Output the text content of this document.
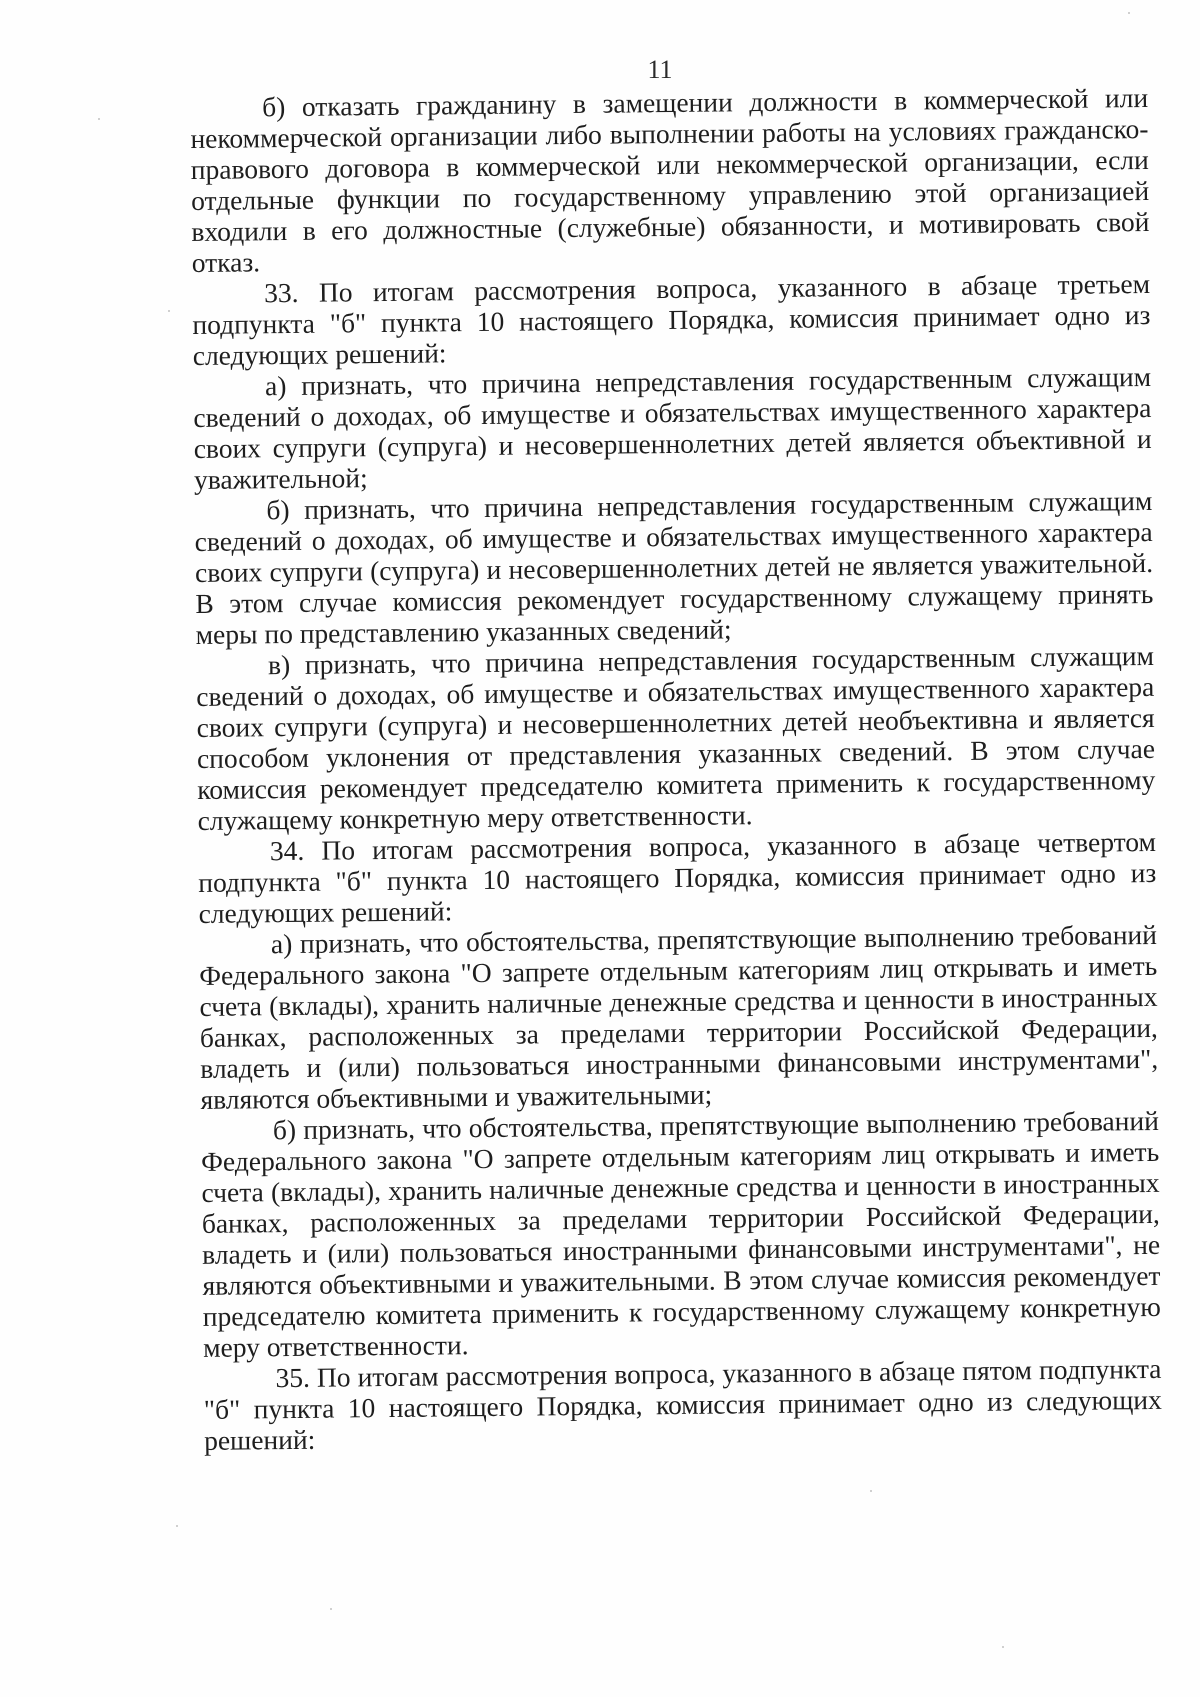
11

б) отказать гражданину в замещении должности в коммерческой или некоммерческой организации либо выполнении работы на условиях гражданско-правового договора в коммерческой или некоммерческой организации, если отдельные функции по государственному управлению этой организацией входили в его должностные (служебные) обязанности, и мотивировать свой отказ.

33. По итогам рассмотрения вопроса, указанного в абзаце третьем подпункта "б" пункта 10 настоящего Порядка, комиссия принимает одно из следующих решений:

а) признать, что причина непредставления государственным служащим сведений о доходах, об имуществе и обязательствах имущественного характера своих супруги (супруга) и несовершеннолетних детей является объективной и уважительной;

б) признать, что причина непредставления государственным служащим сведений о доходах, об имуществе и обязательствах имущественного характера своих супруги (супруга) и несовершеннолетних детей не является уважительной. В этом случае комиссия рекомендует государственному служащему принять меры по представлению указанных сведений;

в) признать, что причина непредставления государственным служащим сведений о доходах, об имуществе и обязательствах имущественного характера своих супруги (супруга) и несовершеннолетних детей необъективна и является способом уклонения от представления указанных сведений. В этом случае комиссия рекомендует председателю комитета применить к государственному служащему конкретную меру ответственности.

34. По итогам рассмотрения вопроса, указанного в абзаце четвертом подпункта "б" пункта 10 настоящего Порядка, комиссия принимает одно из следующих решений:

а) признать, что обстоятельства, препятствующие выполнению требований Федерального закона "О запрете отдельным категориям лиц открывать и иметь счета (вклады), хранить наличные денежные средства и ценности в иностранных банках, расположенных за пределами территории Российской Федерации, владеть и (или) пользоваться иностранными финансовыми инструментами", являются объективными и уважительными;

б) признать, что обстоятельства, препятствующие выполнению требований Федерального закона "О запрете отдельным категориям лиц открывать и иметь счета (вклады), хранить наличные денежные средства и ценности в иностранных банках, расположенных за пределами территории Российской Федерации, владеть и (или) пользоваться иностранными финансовыми инструментами", не являются объективными и уважительными. В этом случае комиссия рекомендует председателю комитета применить к государственному служащему конкретную меру ответственности.

35. По итогам рассмотрения вопроса, указанного в абзаце пятом подпункта "б" пункта 10 настоящего Порядка, комиссия принимает одно из следующих решений:
